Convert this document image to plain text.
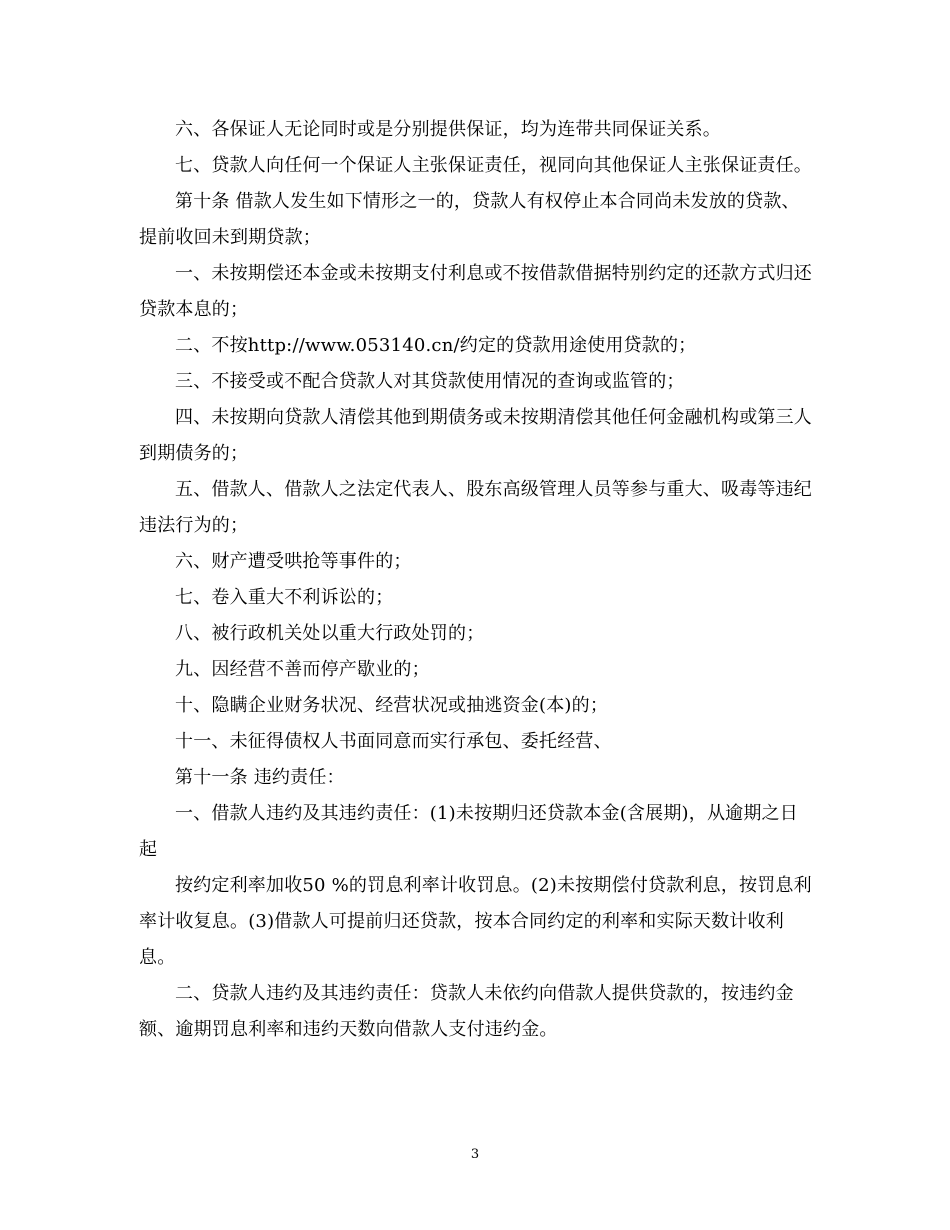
六、各保证人无论同时或是分别提供保证，均为连带共同保证关系。

七、贷款人向任何一个保证人主张保证责任，视同向其他保证人主张保证责任。

第十条 借款人发生如下情形之一的，贷款人有权停止本合同尚未发放的贷款、提前收回未到期贷款；

一、未按期偿还本金或未按期支付利息或不按借款借据特别约定的还款方式归还贷款本息的；

二、不按http://www.053140.cn/约定的贷款用途使用贷款的；

三、不接受或不配合贷款人对其贷款使用情况的查询或监管的；

四、未按期向贷款人清偿其他到期债务或未按期清偿其他任何金融机构或第三人到期债务的；

五、借款人、借款人之法定代表人、股东高级管理人员等参与重大、吸毒等违纪违法行为的；

六、财产遭受哄抢等事件的；

七、卷入重大不利诉讼的；

八、被行政机关处以重大行政处罚的；

九、因经营不善而停产歇业的；

十、隐瞒企业财务状况、经营状况或抽逃资金(本)的；

十一、未征得债权人书面同意而实行承包、委托经营、

第十一条 违约责任：

一、借款人违约及其违约责任：(1)未按期归还贷款本金(含展期)，从逾期之日起

按约定利率加收50 %的罚息利率计收罚息。(2)未按期偿付贷款利息，按罚息利率计收复息。(3)借款人可提前归还贷款，按本合同约定的利率和实际天数计收利息。

二、贷款人违约及其违约责任：贷款人未依约向借款人提供贷款的，按违约金额、逾期罚息利率和违约天数向借款人支付违约金。

3
